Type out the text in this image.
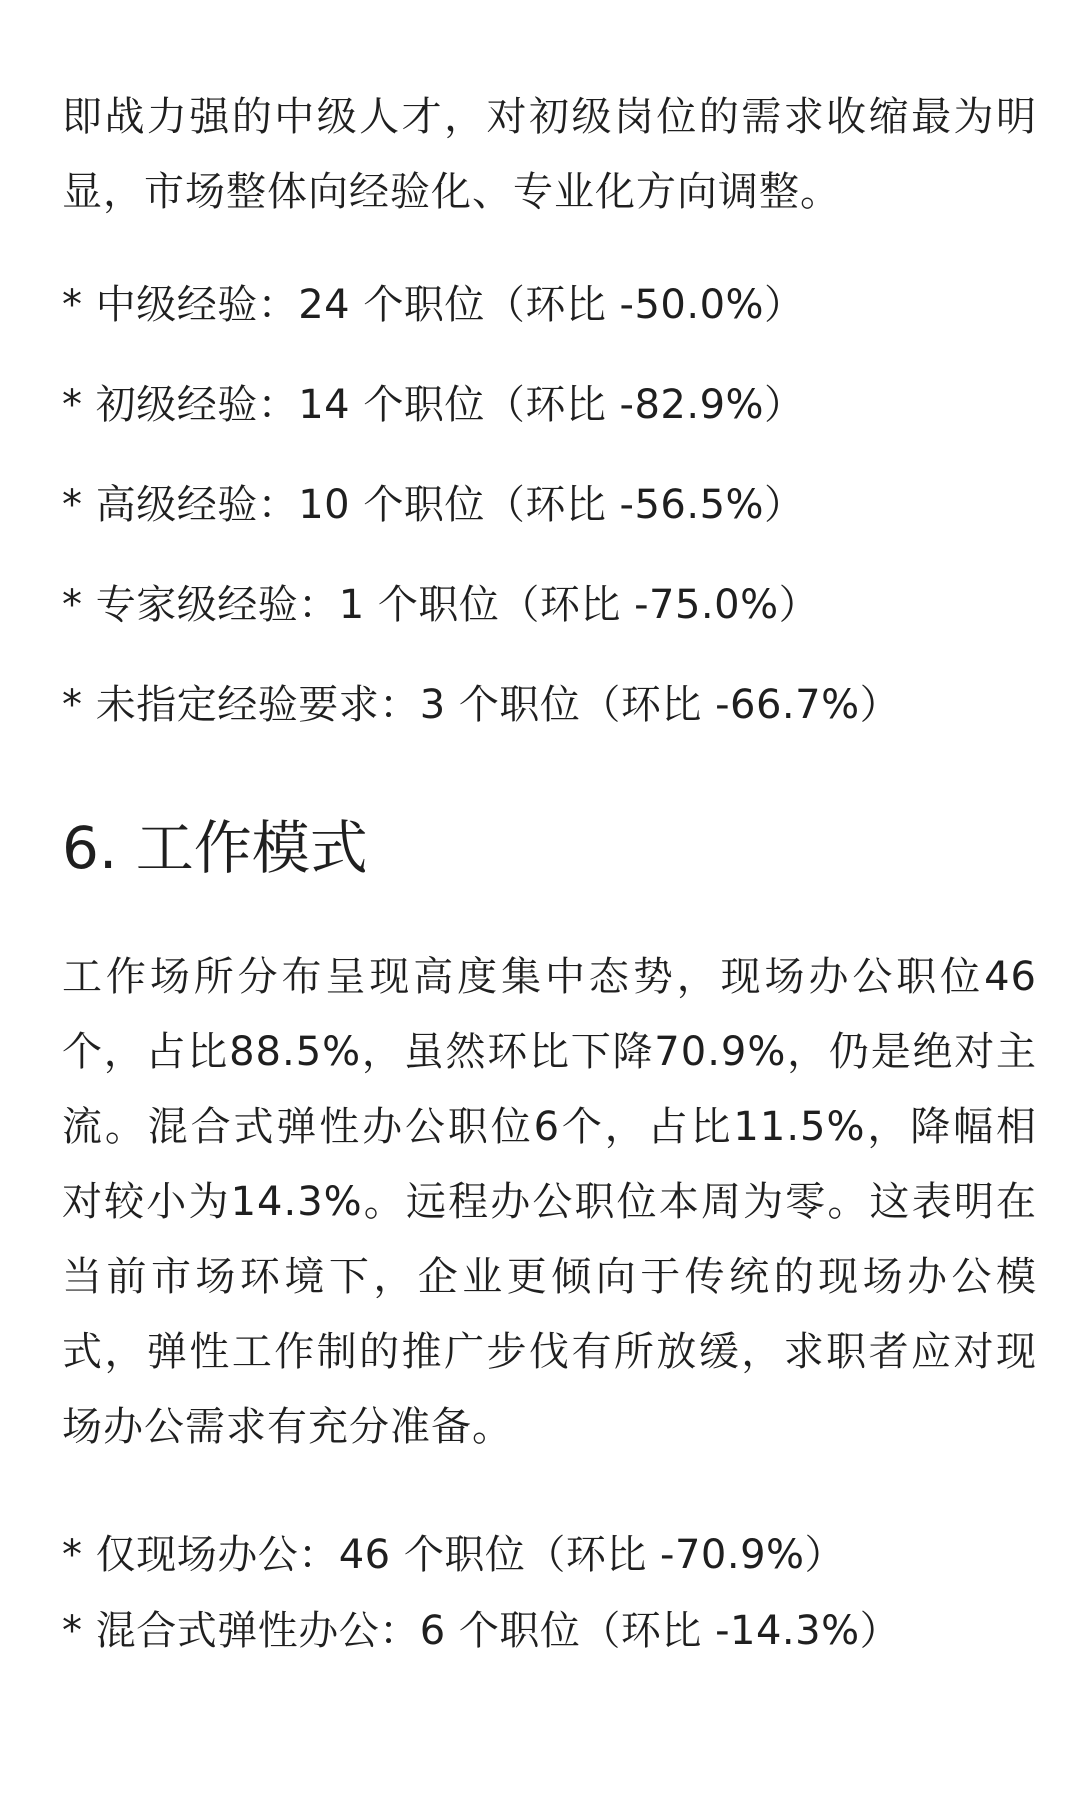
即战力强的中级人才，对初级岗位的需求收缩最为明显，市场整体向经验化、专业化方向调整。

* 中级经验：24 个职位（环比 -50.0%）

* 初级经验：14 个职位（环比 -82.9%）

* 高级经验：10 个职位（环比 -56.5%）

* 专家级经验：1 个职位（环比 -75.0%）

* 未指定经验要求：3 个职位（环比 -66.7%）

6. 工作模式

工作场所分布呈现高度集中态势，现场办公职位46个，占比88.5%，虽然环比下降70.9%，仍是绝对主流。混合式弹性办公职位6个，占比11.5%，降幅相对较小为14.3%。远程办公职位本周为零。这表明在当前市场环境下，企业更倾向于传统的现场办公模式，弹性工作制的推广步伐有所放缓，求职者应对现场办公需求有充分准备。

* 仅现场办公：46 个职位（环比 -70.9%）

* 混合式弹性办公：6 个职位（环比 -14.3%）
